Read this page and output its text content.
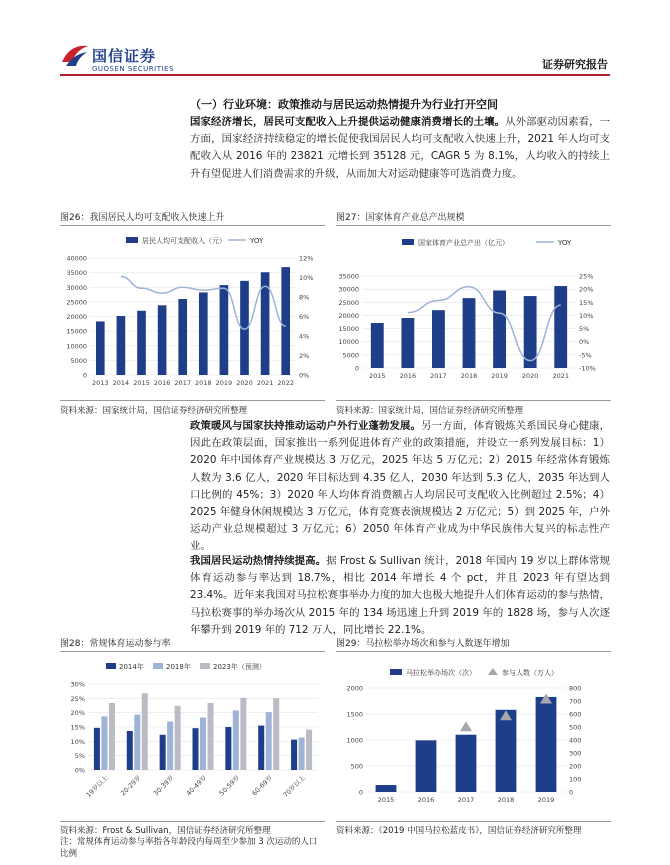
国信证券
GUOSEN SECURITIES	证券研究报告
（一）行业环境：政策推动与居民运动热情提升为行业打开空间
国家经济增长，居民可支配收入上升提供运动健康消费增长的土壤。从外部驱动因素看，一方面，国家经济持续稳定的增长促使我国居民人均可支配收入快速上升，2021 年人均可支配收入从 2016 年的 23821 元增长到 35128 元，CAGR 5 为 8.1%，人均收入的持续上升有望促进人们消费需求的升级，从而加大对运动健康等可选消费力度。
图26：我国居民人均可支配收入快速上升
居民人均可支配收入（元）	YOY
0
5000
10000
15000
20000
25000
30000
35000
40000
0%
2%
4%
6%
8%
10%
12%
2013 2014 2015 2016 2017 2018 2019 2020 2021 2022
资料来源：国家统计局，国信证券经济研究所整理
图27：国家体育产业总产出规模
国家体育产业总产出（亿元）	YOY
0
5000
10000
15000
20000
25000
30000
35000
-10%
-5%
0%
5%
10%
15%
20%
25%
2015 2016 2017 2018 2019 2020 2021
资料来源：国家统计局，国信证券经济研究所整理
政策暖风与国家扶持推动运动户外行业蓬勃发展。另一方面，体育锻炼关系国民身心健康，因此在政策层面，国家推出一系列促进体育产业的政策措施，并设立一系列发展目标：1）2020 年中国体育产业规模达 3 万亿元，2025 年达 5 万亿元；2）2015 年经常体育锻炼人数为 3.6 亿人，2020 年目标达到 4.35 亿人，2030 年达到 5.3 亿人，2035 年达到人口比例的 45%；3）2020 年人均体育消费额占人均居民可支配收入比例超过 2.5%；4）2025 年健身休闲规模达 3 万亿元，体育竞赛表演规模达 2 万亿元；5）到 2025 年，户外运动产业总规模超过 3 万亿元；6）2050 年体育产业成为中华民族伟大复兴的标志性产业。
我国居民运动热情持续提高。据 Frost & Sullivan 统计，2018 年国内 19 岁以上群体常规体育运动参与率达到 18.7%，相比 2014 年增长 4 个 pct，并且 2023 年有望达到 23.4%。近年来我国对马拉松赛事举办力度的加大也极大地提升人们体育运动的参与热情，马拉松赛事的举办场次从 2015 年的 134 场迅速上升到 2019 年的 1828 场，参与人次逐年攀升到 2019 年的 712 万人，同比增长 22.1%。
图28：常规体育运动参与率
2014年	2018年	2023年（预测）
0%
5%
10%
15%
20%
25%
30%
19岁以上 20-29岁 30-39岁 40-49岁 50-59岁 60-69岁 70岁以上
资料来源：Frost & Sullivan，国信证券经济研究所整理
注：常规体育运动参与率指各年龄段内每周至少参加 3 次运动的人口比例
图29：马拉松举办场次和参与人数逐年增加
马拉松举办场次（次）	参与人数（万人）
0
500
1000
1500
2000
0
100
200
300
400
500
600
700
800
2015	2016	2017	2018	2019
资料来源：《2019 中国马拉松蓝皮书》，国信证券经济研究所整理
